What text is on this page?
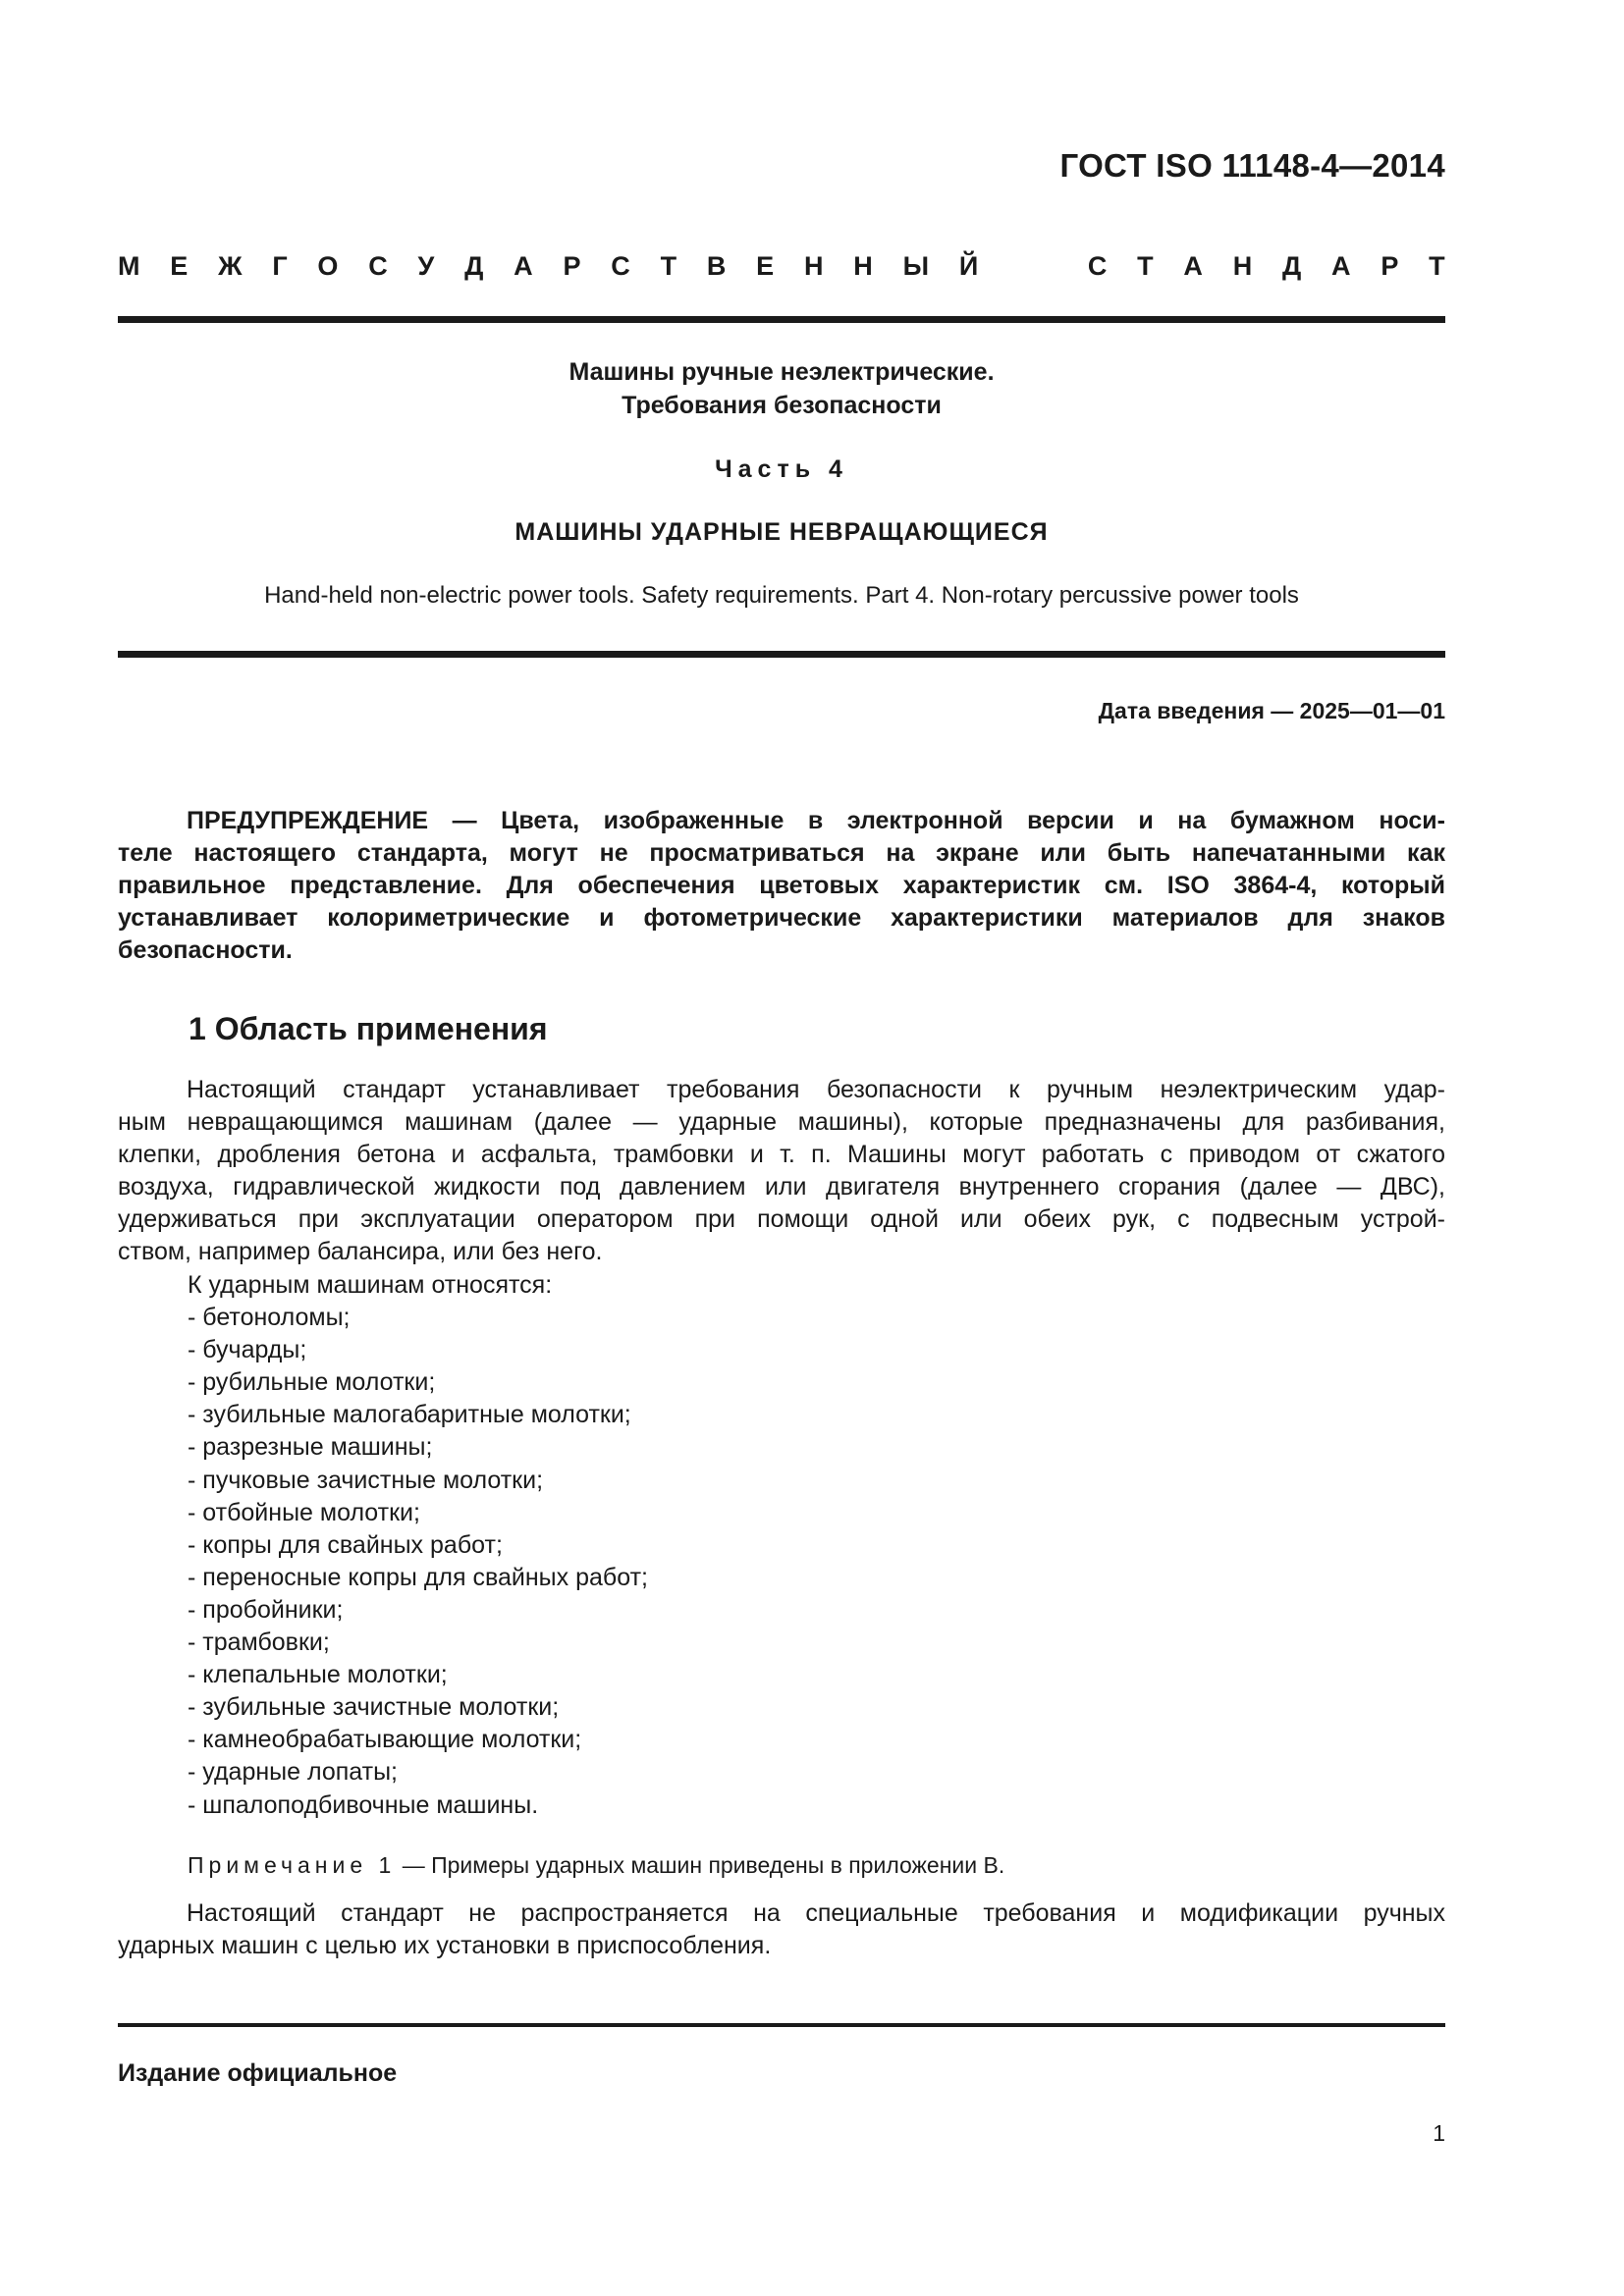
ГОСТ ISO 11148-4—2014
М Е Ж Г О С У Д А Р С Т В Е Н Н Ы Й	С Т А Н Д А Р Т
Машины ручные неэлектрические.
Требования безопасности
Часть 4
МАШИНЫ УДАРНЫЕ НЕВРАЩАЮЩИЕСЯ
Hand-held non-electric power tools. Safety requirements. Part 4. Non-rotary percussive power tools
Дата введения — 2025—01—01
ПРЕДУПРЕЖДЕНИЕ — Цвета, изображенные в электронной версии и на бумажном носи-
теле настоящего стандарта, могут не просматриваться на экране или быть напечатанными как
правильное представление. Для обеспечения цветовых характеристик см. ISO 3864-4, который
устанавливает колориметрические и фотометрические характеристики материалов для знаков
безопасности.
1 Область применения
Настоящий стандарт устанавливает требования безопасности к ручным неэлектрическим удар-
ным невращающимся машинам (далее — ударные машины), которые предназначены для разбивания,
клепки, дробления бетона и асфальта, трамбовки и т. п. Машины могут работать с приводом от сжатого
воздуха, гидравлической жидкости под давлением или двигателя внутреннего сгорания (далее — ДВС),
удерживаться при эксплуатации оператором при помощи одной или обеих рук, с подвесным устрой-
ством, например балансира, или без него.
К ударным машинам относятся:
- бетоноломы;
- бучарды;
- рубильные молотки;
- зубильные малогабаритные молотки;
- разрезные машины;
- пучковые зачистные молотки;
- отбойные молотки;
- копры для свайных работ;
- переносные копры для свайных работ;
- пробойники;
- трамбовки;
- клепальные молотки;
- зубильные зачистные молотки;
- камнеобрабатывающие молотки;
- ударные лопаты;
- шпалоподбивочные машины.
Примечание 1 — Примеры ударных машин приведены в приложении В.
Настоящий стандарт не распространяется на специальные требования и модификации ручных
ударных машин с целью их установки в приспособления.
Издание официальное
1
